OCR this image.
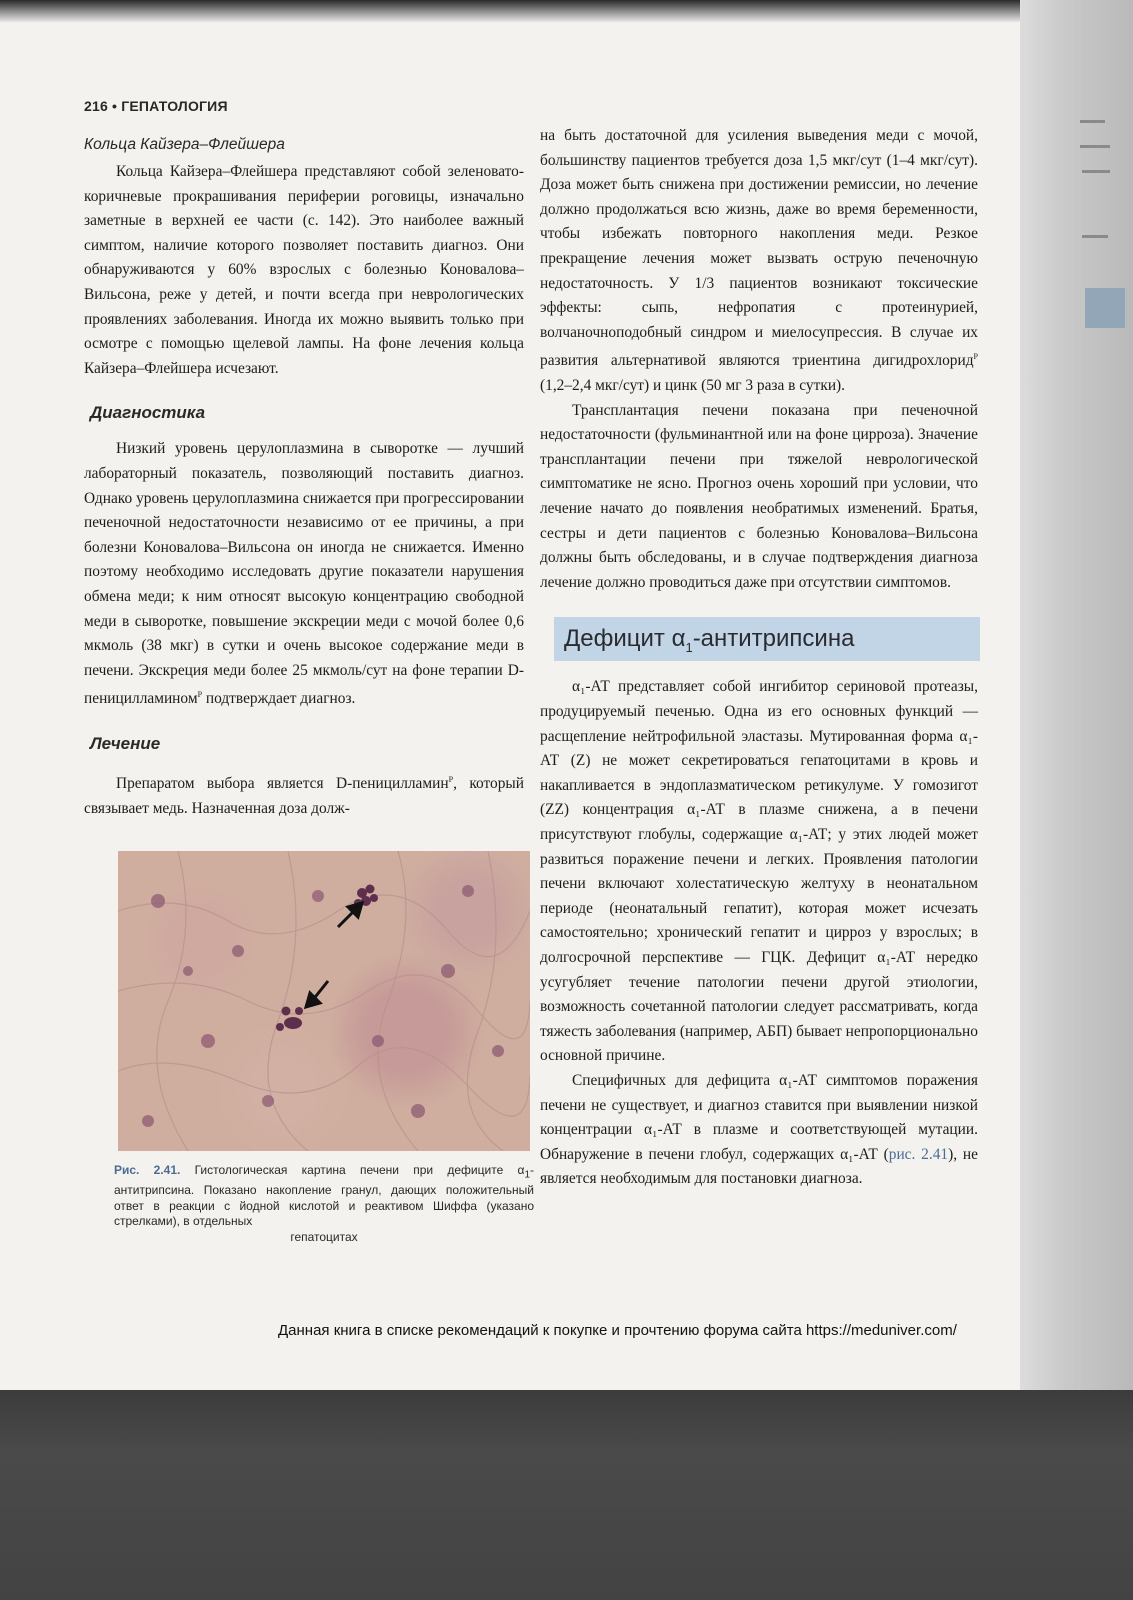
216 • ГЕПАТОЛОГИЯ
Кольца Кайзера–Флейшера

Кольца Кайзера–Флейшера представляют собой зеленовато-коричневые прокрашивания периферии роговицы, изначально заметные в верхней ее части (с. 142). Это наиболее важный симптом, наличие которого позволяет поставить диагноз. Они обнаруживаются у 60% взрослых с болезнью Коновалова–Вильсона, реже у детей, и почти всегда при неврологических проявлениях заболевания. Иногда их можно выявить только при осмотре с помощью щелевой лампы. На фоне лечения кольца Кайзера–Флейшера исчезают.

Диагностика

Низкий уровень церулоплазмина в сыворотке — лучший лабораторный показатель, позволяющий поставить диагноз. Однако уровень церулоплазмина снижается при прогрессировании печеночной недостаточности независимо от ее причины, а при болезни Коновалова–Вильсона он иногда не снижается. Именно поэтому необходимо исследовать другие показатели нарушения обмена меди; к ним относят высокую концентрацию свободной меди в сыворотке, повышение экскреции меди с мочой более 0,6 мкмоль (38 мкг) в сутки и очень высокое содержание меди в печени. Экскреция меди более 25 мкмоль/сут на фоне терапии D-пеницилламином$^P$ подтверждает диагноз.

Лечение

Препаратом выбора является D-пеницилламин$^P$, который связывает медь. Назначенная доза долж-

Рис. 2.41. Гистологическая картина печени при дефиците $\alpha_1$-антитрипсина. Показано накопление гранул, дающих положительный ответ в реакции с йодной кислотой и реактивом Шиффа (указано стрелками), в отдельных
гепатоцитах

на быть достаточной для усиления выведения меди с мочой, большинству пациентов требуется доза 1,5 мкг/сут (1–4 мкг/сут). Доза может быть снижена при достижении ремиссии, но лечение должно продолжаться всю жизнь, даже во время беременности, чтобы избежать повторного накопления меди. Резкое прекращение лечения может вызвать острую печеночную недостаточность. У 1/3 пациентов возникают токсические эффекты: сыпь, нефропатия с протеинурией, волчаночноподобный синдром и миелосупрессия. В случае их развития альтернативой являются триентина дигидрохлорид$^P$ (1,2–2,4 мкг/сут) и цинк (50 мг 3 раза в сутки).

Трансплантация печени показана при печеночной недостаточности (фульминантной или на фоне цирроза). Значение трансплантации печени при тяжелой неврологической симптоматике не ясно. Прогноз очень хороший при условии, что лечение начато до появления необратимых изменений. Братья, сестры и дети пациентов с болезнью Коновалова–Вильсона должны быть обследованы, и в случае подтверждения диагноза лечение должно проводиться даже при отсутствии симптомов.

Дефицит $\alpha_1$-антитрипсина

α₁-АТ представляет собой ингибитор сериновой протеазы, продуцируемый печенью. Одна из его основных функций — расщепление нейтрофильной эластазы. Мутированная форма α₁-АТ (Z) не может секретироваться гепатоцитами в кровь и накапливается в эндоплазматическом ретикулуме. У гомозигот (ZZ) концентрация α₁-АТ в плазме снижена, а в печени присутствуют глобулы, содержащие α₁-АТ; у этих людей может развиться поражение печени и легких. Проявления патологии печени включают холестатическую желтуху в неонатальном периоде (неонатальный гепатит), которая может исчезать самостоятельно; хронический гепатит и цирроз у взрослых; в долгосрочной перспективе — ГЦК. Дефицит α₁-АТ нередко усугубляет течение патологии печени другой этиологии, возможность сочетанной патологии следует рассматривать, когда тяжесть заболевания (например, АБП) бывает непропорционально основной причине.

Специфичных для дефицита α₁-АТ симптомов поражения печени не существует, и диагноз ставится при выявлении низкой концентрации α₁-АТ в плазме и соответствующей мутации. Обнаружение в печени глобул, содержащих α₁-АТ (рис. 2.41), не является необходимым для постановки диагноза.

Данная книга в списке рекомендаций к покупке и прочтению форума сайта https://meduniver.com/
